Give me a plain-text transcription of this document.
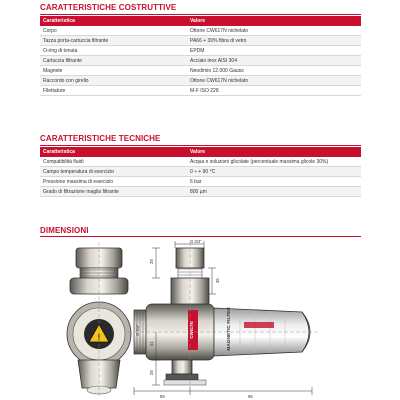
CARATTERISTICHE COSTRUTTIVE
Caratteristica	Valore
Corpo	Ottone CW617N nichelato
Tazza porta-cartuccia filtrante	PA66 + 30% fibra di vetro
O-ring di tenuta	EPDM
Cartuccia filtrante	Acciaio inox AISI 304
Magnete	Neodimio 12.000 Gauss
Raccordo con girello	Ottone CW617N nichelato
Filettature	M-F ISO 228
CARATTERISTICHE TECNICHE
Caratteristica	Valore
Compatibilità fluidi	Acqua e soluzioni glicolate (percentuale massima glicole 30%)
Campo temperatura di esercizio	0 ÷ + 90 °C
Pressione massima di esercizio	6 bar
Grado di filtrazione maglia filtrante	800 µm
DIMENSIONI
!
G 3/4"
CW617N	MAGNETIC FILTER
28
41
28
G 3/4"
35
59	95
